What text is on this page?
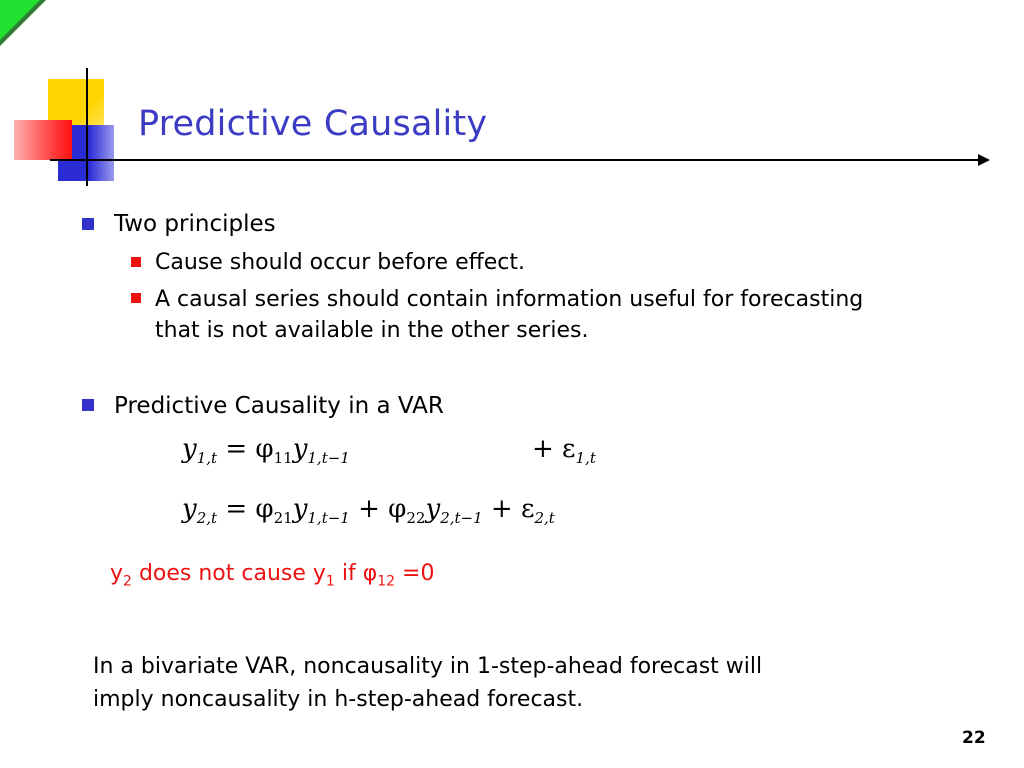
Predictive Causality
Two principles
Cause should occur before effect.
A causal series should contain information useful for forecasting
that is not available in the other series.
Predictive Causality in a VAR
$y_{1,t} = \varphi_{11}y_{1,t-1}$	+ $\varepsilon_{1,t}$
$y_{2,t} = \varphi_{21}y_{1,t-1} + \varphi_{22}y_{2,t-1} + \varepsilon_{2,t}$
$y_2$ does not cause $y_1$ if $\varphi_{12} =0$
In a bivariate VAR, noncausality in 1-step-ahead forecast will
imply noncausality in h-step-ahead forecast.
22
